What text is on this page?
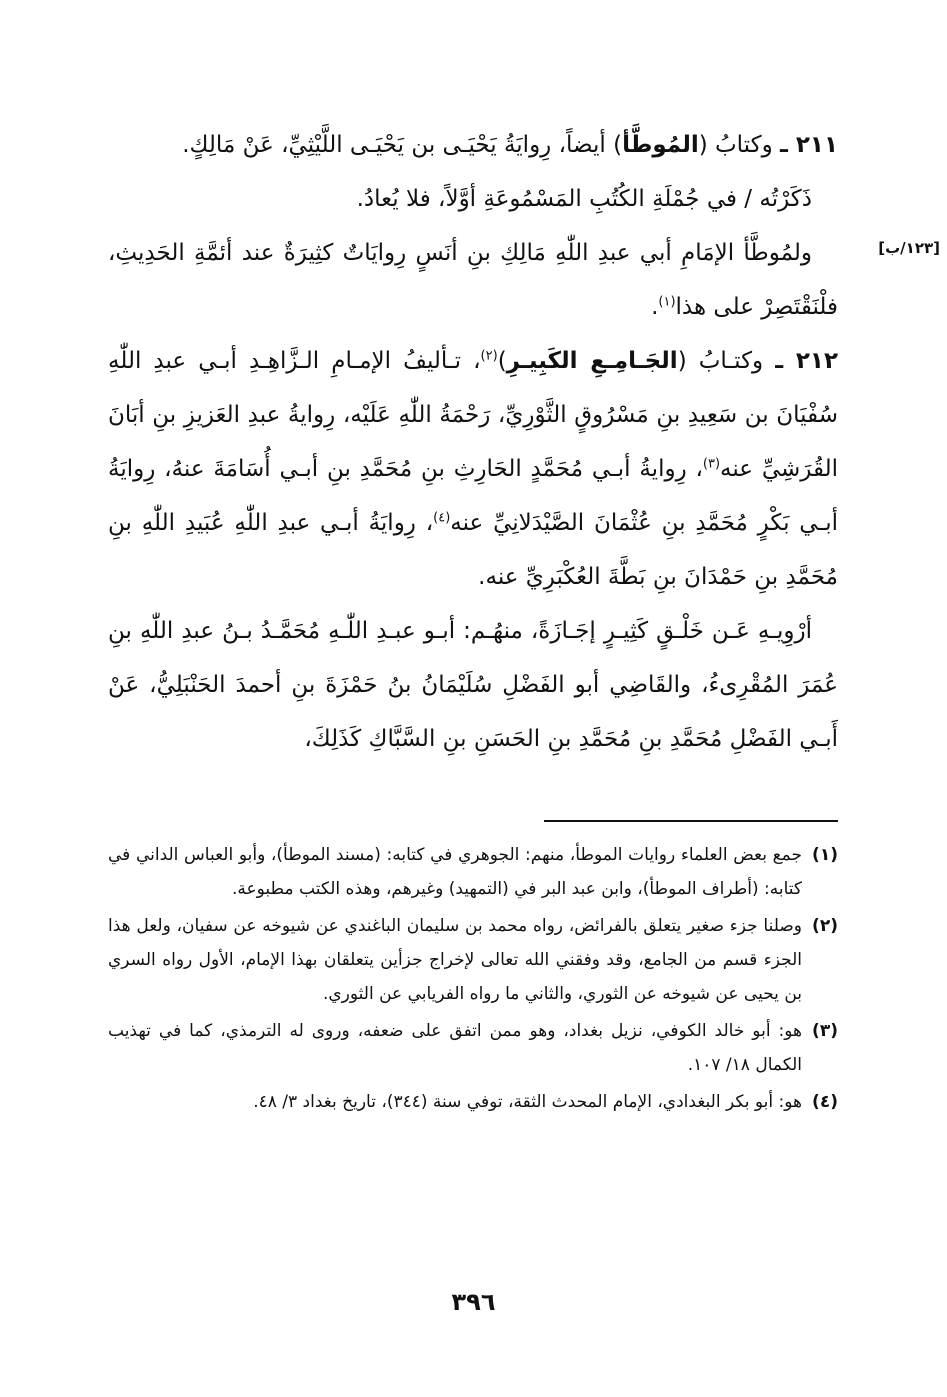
[١٢٣/ب]

٢١١ ـ وكتابُ (المُوطَّأ) أيضاً، رِوايَةُ يَحْيَـى بن يَحْيَـى اللَّيْثِيِّ، عَنْ مَالِكٍ.

ذَكَرْتُه / في جُمْلَةِ الكُتُبِ المَسْمُوعَةِ أوَّلاً، فلا يُعادُ.

ولمُوطَّأ الإمَامِ أبي عبدِ اللّٰهِ مَالِكِ بنِ أنَسٍ رِوايَاتٌ كثِيرَةٌ عند أئمَّةِ الحَدِيثِ، فلْنَقْتَصِرْ على هذا$^{(١)}$.

٢١٢ ـ وكتـابُ (الجَـامِـعِ الكَبِيـرِ)$^{(٢)}$، تـأليفُ الإمـامِ الـزَّاهِـدِ أبـي عبدِ اللّٰهِ سُفْيَانَ بن سَعِيدِ بنِ مَسْرُوقٍ الثَّوْرِيِّ، رَحْمَةُ اللّٰهِ عَلَيْه، رِوايةُ عبدِ العَزيزِ بنِ أبَانَ القُرَشِيِّ عنه$^{(٣)}$، رِوايةُ أبـي مُحَمَّدٍ الحَارِثِ بنِ مُحَمَّدِ بنِ أبـي أُسَامَةَ عنهُ، رِوايَةُ أبـي بَكْرٍ مُحَمَّدِ بنِ عُثْمَانَ الصَّيْدَلانِيِّ عنه$^{(٤)}$، رِوايَةُ أبـي عبدِ اللّٰهِ عُبَيدِ اللّٰهِ بنِ مُحَمَّدِ بنِ حَمْدَانَ بنِ بَطَّةَ العُكْبَرِيِّ عنه.

أرْوِيـهِ عَـن خَلْـقٍ كَثِيـرٍ إجَـازَةً، منهُـم: أبـو عبـدِ اللّٰـهِ مُحَمَّـدُ بـنُ عبدِ اللّٰهِ بنِ عُمَرَ المُقْرِىءُ، والقَاضِي أبو الفَضْلِ سُلَيْمَانُ بنُ حَمْزَةَ بنِ أحمدَ الحَنْبَلِيُّ، عَنْ أَبـي الفَضْلِ مُحَمَّدِ بنِ مُحَمَّدِ بنِ الحَسَنِ بنِ السَّبَّاكِ كَذَلِكَ،

(١)
جمع بعض العلماء روايات الموطأ، منهم: الجوهري في كتابه: (مسند الموطأ)، وأبو العباس الداني في كتابه: (أطراف الموطأ)، وابن عبد البر في (التمهيد) وغيرهم، وهذه الكتب مطبوعة.
(٢)
وصلنا جزء صغير يتعلق بالفرائض، رواه محمد بن سليمان الباغندي عن شيوخه عن سفيان، ولعل هذا الجزء قسم من الجامع، وقد وفقني الله تعالى لإخراج جزأين يتعلقان بهذا الإمام، الأول رواه السري بن يحيى عن شيوخه عن الثوري، والثاني ما رواه الفريابي عن الثوري.
(٣)
هو: أبو خالد الكوفي، نزيل بغداد، وهو ممن اتفق على ضعفه، وروى له الترمذي، كما في تهذيب الكمال ١٨/ ١٠٧.
(٤)
هو: أبو بكر البغدادي، الإمام المحدث الثقة، توفي سنة (٣٤٤)، تاريخ بغداد ٣/ ٤٨.
٣٩٦
